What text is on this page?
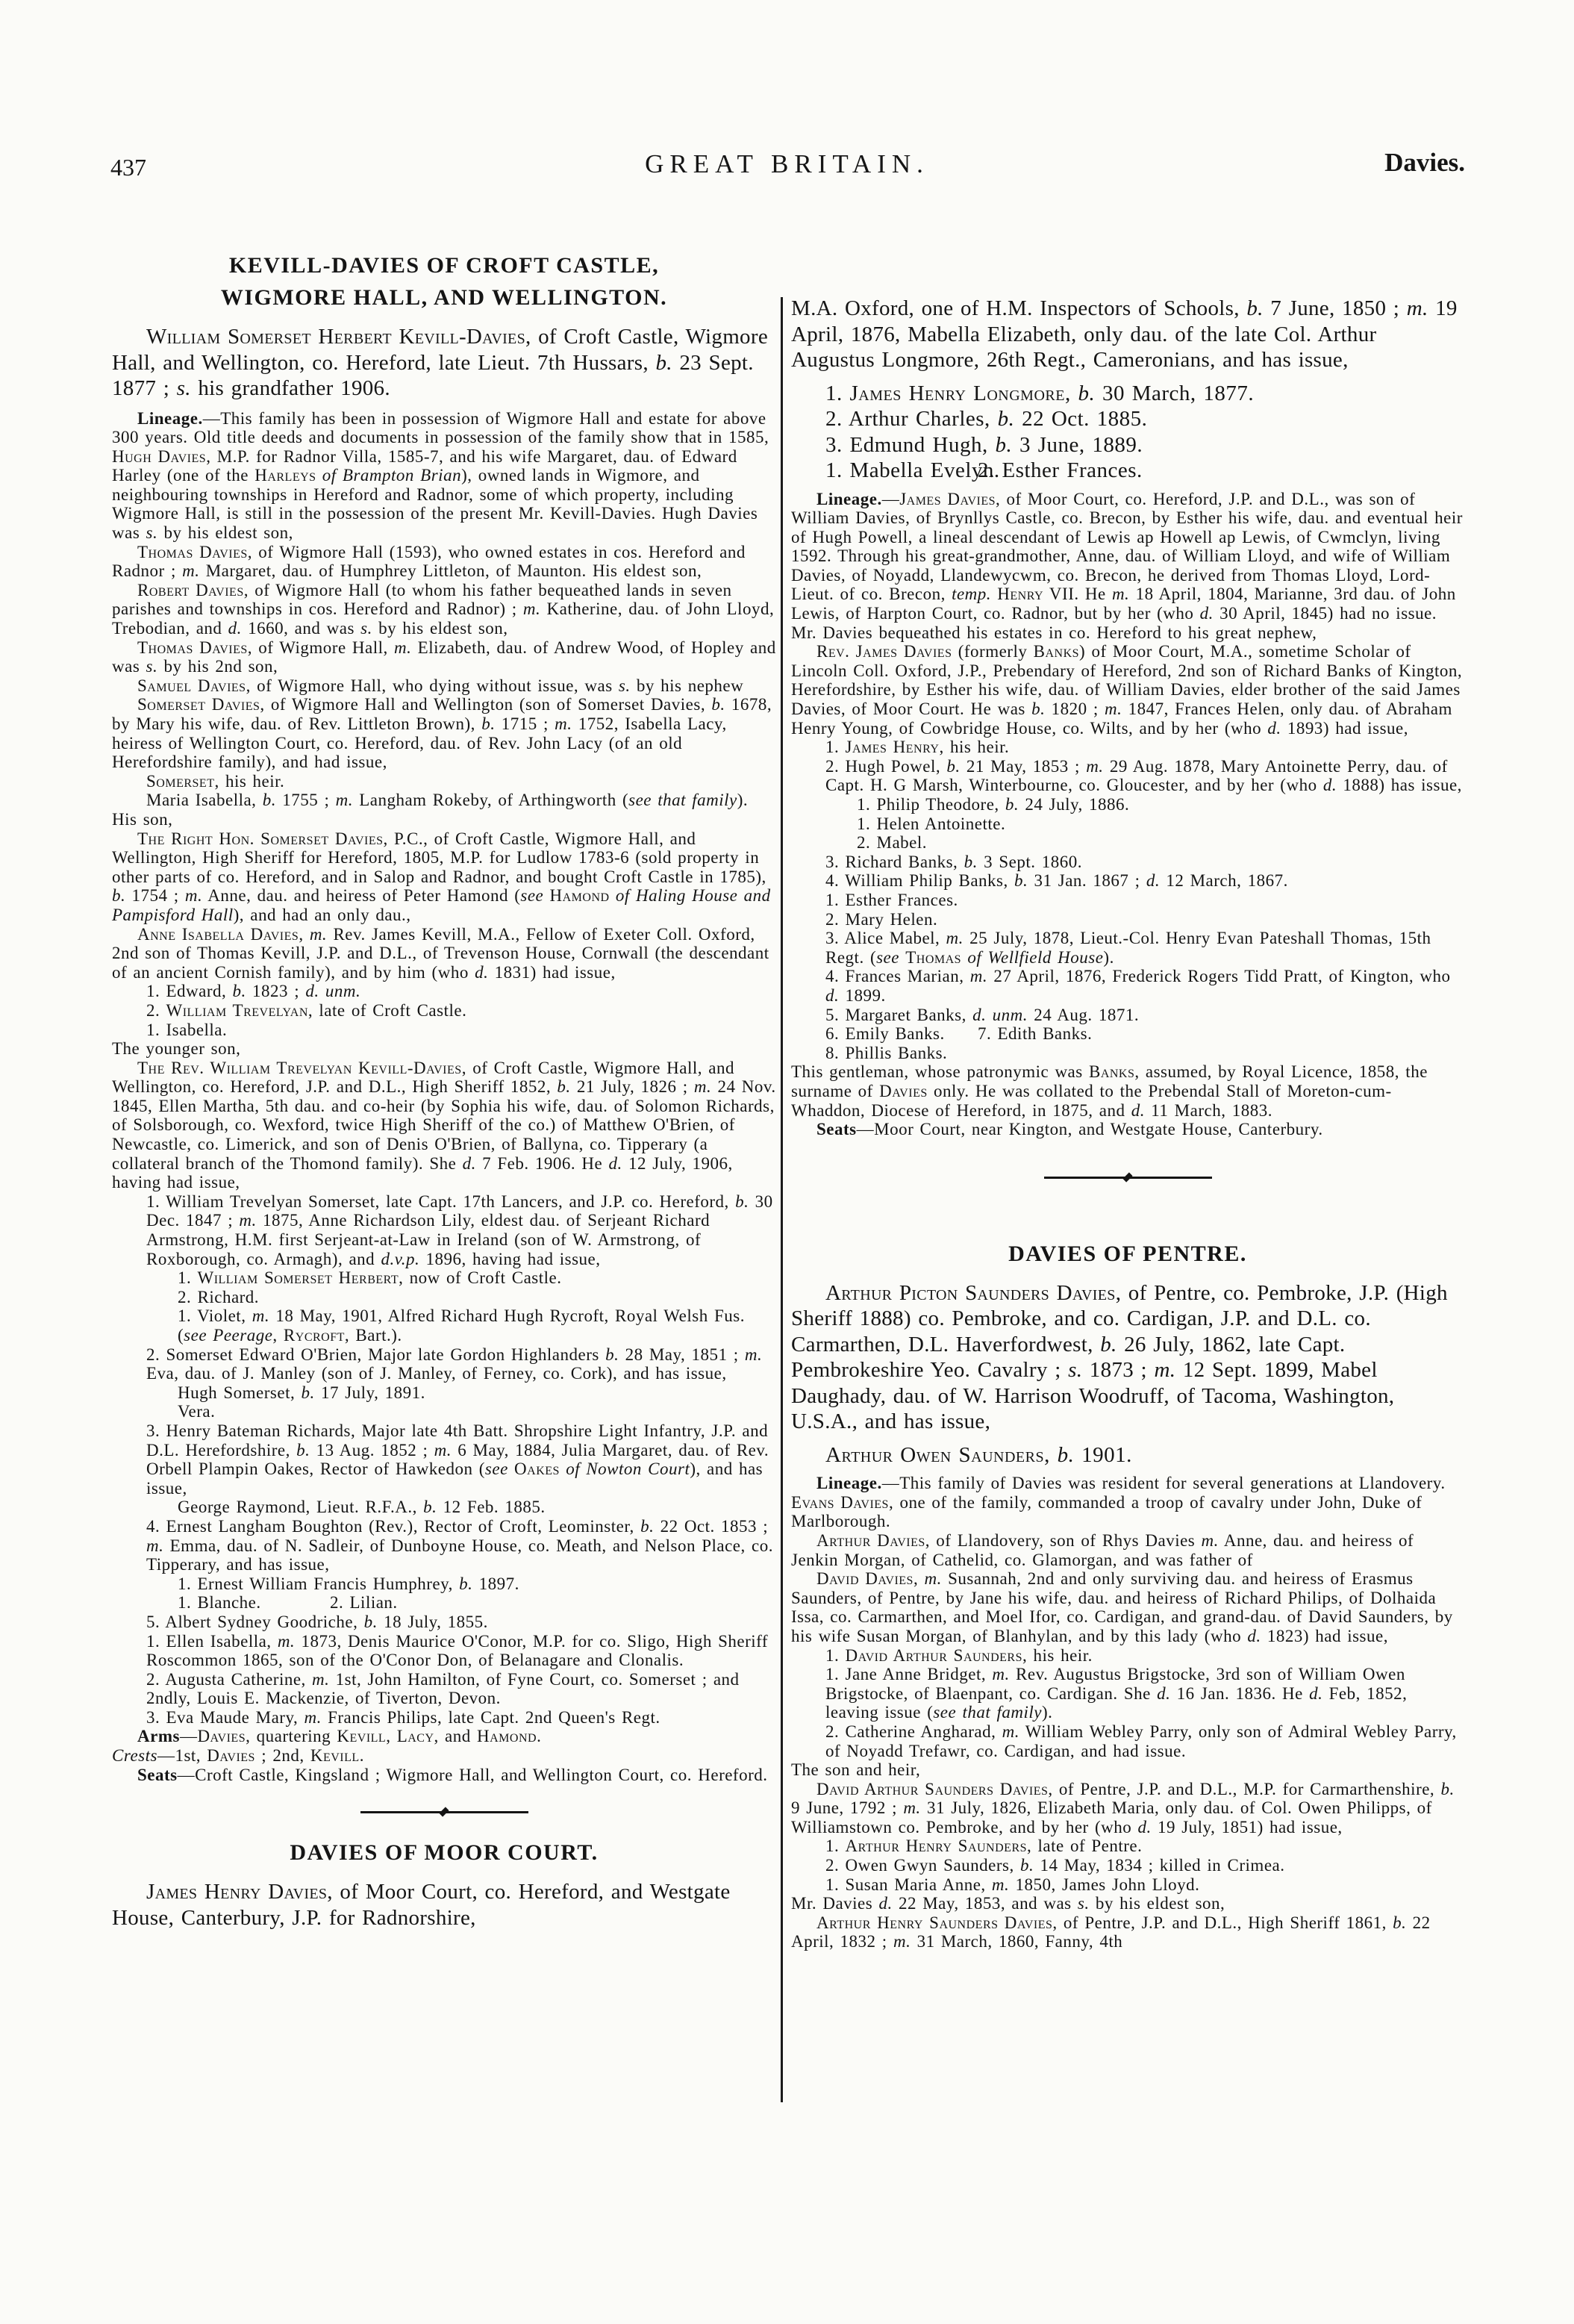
437	GREAT BRITAIN.	Davies.
KEVILL-DAVIES OF CROFT CASTLE,
WIGMORE HALL, AND WELLINGTON.

William Somerset Herbert Kevill-Davies, of Croft Castle, Wigmore Hall, and Wellington, co. Hereford, late Lieut. 7th Hussars, b. 23 Sept. 1877 ; s. his grandfather 1906.

Lineage.—This family has been in possession of Wigmore Hall and estate for above 300 years. Old title deeds and documents in possession of the family show that in 1585, Hugh Davies, M.P. for Radnor Villa, 1585-7, and his wife Margaret, dau. of Edward Harley (one of the Harleys of Brampton Brian), owned lands in Wigmore, and neighbouring townships in Hereford and Radnor, some of which property, including Wigmore Hall, is still in the possession of the present Mr. Kevill-Davies. Hugh Davies was s. by his eldest son,

Thomas Davies, of Wigmore Hall (1593), who owned estates in cos. Hereford and Radnor ; m. Margaret, dau. of Humphrey Littleton, of Maunton. His eldest son,

Robert Davies, of Wigmore Hall (to whom his father bequeathed lands in seven parishes and townships in cos. Hereford and Radnor) ; m. Katherine, dau. of John Lloyd, Trebodian, and d. 1660, and was s. by his eldest son,

Thomas Davies, of Wigmore Hall, m. Elizabeth, dau. of Andrew Wood, of Hopley and was s. by his 2nd son,

Samuel Davies, of Wigmore Hall, who dying without issue, was s. by his nephew

Somerset Davies, of Wigmore Hall and Wellington (son of Somerset Davies, b. 1678, by Mary his wife, dau. of Rev. Littleton Brown), b. 1715 ; m. 1752, Isabella Lacy, heiress of Wellington Court, co. Hereford, dau. of Rev. John Lacy (of an old Herefordshire family), and had issue,

Somerset, his heir.

Maria Isabella, b. 1755 ; m. Langham Rokeby, of Arthingworth (see that family).

His son,

The Right Hon. Somerset Davies, P.C., of Croft Castle, Wigmore Hall, and Wellington, High Sheriff for Hereford, 1805, M.P. for Ludlow 1783-6 (sold property in other parts of co. Hereford, and in Salop and Radnor, and bought Croft Castle in 1785), b. 1754 ; m. Anne, dau. and heiress of Peter Hamond (see Hamond of Haling House and Pampisford Hall), and had an only dau.,

Anne Isabella Davies, m. Rev. James Kevill, M.A., Fellow of Exeter Coll. Oxford, 2nd son of Thomas Kevill, J.P. and D.L., of Trevenson House, Cornwall (the descendant of an ancient Cornish family), and by him (who d. 1831) had issue,

1. Edward, b. 1823 ; d. unm.

2. William Trevelyan, late of Croft Castle.

1. Isabella.

The younger son,

The Rev. William Trevelyan Kevill-Davies, of Croft Castle, Wigmore Hall, and Wellington, co. Hereford, J.P. and D.L., High Sheriff 1852, b. 21 July, 1826 ; m. 24 Nov. 1845, Ellen Martha, 5th dau. and co-heir (by Sophia his wife, dau. of Solomon Richards, of Solsborough, co. Wexford, twice High Sheriff of the co.) of Matthew O'Brien, of Newcastle, co. Limerick, and son of Denis O'Brien, of Ballyna, co. Tipperary (a collateral branch of the Thomond family). She d. 7 Feb. 1906. He d. 12 July, 1906, having had issue,

1. William Trevelyan Somerset, late Capt. 17th Lancers, and J.P. co. Hereford, b. 30 Dec. 1847 ; m. 1875, Anne Richardson Lily, eldest dau. of Serjeant Richard Armstrong, H.M. first Serjeant-at-Law in Ireland (son of W. Armstrong, of Roxborough, co. Armagh), and d.v.p. 1896, having had issue,

1. William Somerset Herbert, now of Croft Castle.

2. Richard.

1. Violet, m. 18 May, 1901, Alfred Richard Hugh Rycroft, Royal Welsh Fus. (see Peerage, Rycroft, Bart.).

2. Somerset Edward O'Brien, Major late Gordon Highlanders b. 28 May, 1851 ; m. Eva, dau. of J. Manley (son of J. Manley, of Ferney, co. Cork), and has issue,

Hugh Somerset, b. 17 July, 1891.

Vera.

3. Henry Bateman Richards, Major late 4th Batt. Shropshire Light Infantry, J.P. and D.L. Herefordshire, b. 13 Aug. 1852 ; m. 6 May, 1884, Julia Margaret, dau. of Rev. Orbell Plampin Oakes, Rector of Hawkedon (see Oakes of Nowton Court), and has issue,

George Raymond, Lieut. R.F.A., b. 12 Feb. 1885.

4. Ernest Langham Boughton (Rev.), Rector of Croft, Leominster, b. 22 Oct. 1853 ; m. Emma, dau. of N. Sadleir, of Dunboyne House, co. Meath, and Nelson Place, co. Tipperary, and has issue,

1. Ernest William Francis Humphrey, b. 1897.

1. Blanche.	2. Lilian.

5. Albert Sydney Goodriche, b. 18 July, 1855.

1. Ellen Isabella, m. 1873, Denis Maurice O'Conor, M.P. for co. Sligo, High Sheriff Roscommon 1865, son of the O'Conor Don, of Belanagare and Clonalis.

2. Augusta Catherine, m. 1st, John Hamilton, of Fyne Court, co. Somerset ; and 2ndly, Louis E. Mackenzie, of Tiverton, Devon.

3. Eva Maude Mary, m. Francis Philips, late Capt. 2nd Queen's Regt.

Arms—Davies, quartering Kevill, Lacy, and Hamond.

Crests—1st, Davies ; 2nd, Kevill.

Seats—Croft Castle, Kingsland ; Wigmore Hall, and Wellington Court, co. Hereford.

DAVIES OF MOOR COURT.

James Henry Davies, of Moor Court, co. Hereford, and Westgate House, Canterbury, J.P. for Radnorshire,

M.A. Oxford, one of H.M. Inspectors of Schools, b. 7 June, 1850 ; m. 19 April, 1876, Mabella Elizabeth, only dau. of the late Col. Arthur Augustus Longmore, 26th Regt., Cameronians, and has issue,

1. James Henry Longmore, b. 30 March, 1877.

2. Arthur Charles, b. 22 Oct. 1885.

3. Edmund Hugh, b. 3 June, 1889.

1. Mabella Evelyn.
2. Esther Frances.

Lineage.—James Davies, of Moor Court, co. Hereford, J.P. and D.L., was son of William Davies, of Brynllys Castle, co. Brecon, by Esther his wife, dau. and eventual heir of Hugh Powell, a lineal descendant of Lewis ap Howell ap Lewis, of Cwmclyn, living 1592. Through his great-grandmother, Anne, dau. of William Lloyd, and wife of William Davies, of Noyadd, Llandewycwm, co. Brecon, he derived from Thomas Lloyd, Lord-Lieut. of co. Brecon, temp. Henry VII. He m. 18 April, 1804, Marianne, 3rd dau. of John Lewis, of Harpton Court, co. Radnor, but by her (who d. 30 April, 1845) had no issue. Mr. Davies bequeathed his estates in co. Hereford to his great nephew,

Rev. James Davies (formerly Banks) of Moor Court, M.A., sometime Scholar of Lincoln Coll. Oxford, J.P., Prebendary of Hereford, 2nd son of Richard Banks of Kington, Herefordshire, by Esther his wife, dau. of William Davies, elder brother of the said James Davies, of Moor Court. He was b. 1820 ; m. 1847, Frances Helen, only dau. of Abraham Henry Young, of Cowbridge House, co. Wilts, and by her (who d. 1893) had issue,

1. James Henry, his heir.

2. Hugh Powel, b. 21 May, 1853 ; m. 29 Aug. 1878, Mary Antoinette Perry, dau. of Capt. H. G Marsh, Winterbourne, co. Gloucester, and by her (who d. 1888) has issue,

1. Philip Theodore, b. 24 July, 1886.

1. Helen Antoinette.

2. Mabel.

3. Richard Banks, b. 3 Sept. 1860.

4. William Philip Banks, b. 31 Jan. 1867 ; d. 12 March, 1867.

1. Esther Frances.

2. Mary Helen.

3. Alice Mabel, m. 25 July, 1878, Lieut.-Col. Henry Evan Pateshall Thomas, 15th Regt. (see Thomas of Wellfield House).

4. Frances Marian, m. 27 April, 1876, Frederick Rogers Tidd Pratt, of Kington, who d. 1899.

5. Margaret Banks, d. unm. 24 Aug. 1871.

6. Emily Banks. 7. Edith Banks.

8. Phillis Banks.

This gentleman, whose patronymic was Banks, assumed, by Royal Licence, 1858, the surname of Davies only. He was collated to the Prebendal Stall of Moreton-cum-Whaddon, Diocese of Hereford, in 1875, and d. 11 March, 1883.

Seats—Moor Court, near Kington, and Westgate House, Canterbury.

DAVIES OF PENTRE.

Arthur Picton Saunders Davies, of Pentre, co. Pembroke, J.P. (High Sheriff 1888) co. Pembroke, and co. Cardigan, J.P. and D.L. co. Carmarthen, D.L. Haverfordwest, b. 26 July, 1862, late Capt. Pembrokeshire Yeo. Cavalry ; s. 1873 ; m. 12 Sept. 1899, Mabel Daughady, dau. of W. Harrison Woodruff, of Tacoma, Washington, U.S.A., and has issue,

Arthur Owen Saunders, b. 1901.

Lineage.—This family of Davies was resident for several generations at Llandovery. Evans Davies, one of the family, commanded a troop of cavalry under John, Duke of Marlborough.

Arthur Davies, of Llandovery, son of Rhys Davies m. Anne, dau. and heiress of Jenkin Morgan, of Cathelid, co. Glamorgan, and was father of

David Davies, m. Susannah, 2nd and only surviving dau. and heiress of Erasmus Saunders, of Pentre, by Jane his wife, dau. and heiress of Richard Philips, of Dolhaida Issa, co. Carmarthen, and Moel Ifor, co. Cardigan, and grand-dau. of David Saunders, by his wife Susan Morgan, of Blanhylan, and by this lady (who d. 1823) had issue,

1. David Arthur Saunders, his heir.

1. Jane Anne Bridget, m. Rev. Augustus Brigstocke, 3rd son of William Owen Brigstocke, of Blaenpant, co. Cardigan. She d. 16 Jan. 1836. He d. Feb, 1852, leaving issue (see that family).

2. Catherine Angharad, m. William Webley Parry, only son of Admiral Webley Parry, of Noyadd Trefawr, co. Cardigan, and had issue.

The son and heir,

David Arthur Saunders Davies, of Pentre, J.P. and D.L., M.P. for Carmarthenshire, b. 9 June, 1792 ; m. 31 July, 1826, Elizabeth Maria, only dau. of Col. Owen Philipps, of Williamstown co. Pembroke, and by her (who d. 19 July, 1851) had issue,

1. Arthur Henry Saunders, late of Pentre.

2. Owen Gwyn Saunders, b. 14 May, 1834 ; killed in Crimea.

1. Susan Maria Anne, m. 1850, James John Lloyd.

Mr. Davies d. 22 May, 1853, and was s. by his eldest son,

Arthur Henry Saunders Davies, of Pentre, J.P. and D.L., High Sheriff 1861, b. 22 April, 1832 ; m. 31 March, 1860, Fanny, 4th
